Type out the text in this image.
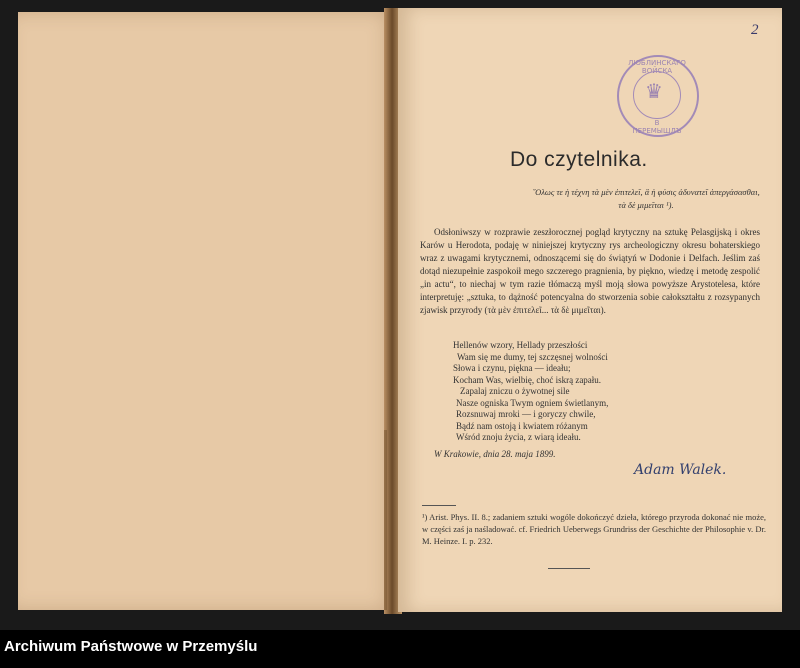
2
ЛЮБЛИНСКАГО ВОЙСКА
♛
В ПЕРЕМЫШЛЪ
Do czytelnika.
῞Ολως τε ἡ τέχνη τὰ μὲν ἐπιτελεῖ, ἃ ἡ φύσις ἀδυνατεῖ ἀπεργάσασθαι, τὰ δὲ μιμεῖται ¹).
Odsłoniwszy w rozprawie zeszłorocznej pogląd krytyczny na sztukę Pelasgijską i okres Karów u Herodota, podaję w niniejszej krytyczny rys archeologiczny okresu bohaterskiego wraz z uwagami krytycznemi, odnoszącemi się do świątyń w Dodonie i Delfach. Jeślim zaś dotąd niezupełnie zaspokoił mego szczerego pragnienia, by piękno, wiedzę i metodę zespolić „in actu“, to niechaj w tym razie tłómaczą myśl moją słowa powyższe Arystotelesa, które interpretuję: „sztuka, to dążność potencyalna do stworzenia sobie całokształtu z rozsypanych zjawisk przyrody (τὰ μὲν ἐπιτελεῖ... τὰ δὲ μιμεῖται).
Hellenów wzory, Hellady przeszłości
Wam się me dumy, tej szczęsnej wolności
Słowa i czynu, piękna — ideału;
Kocham Was, wielbię, choć iskrą zapału.
Zapalaj zniczu o żywotnej sile
Nasze ogniska Twym ogniem świetlanym,
Rozsnuwaj mroki — i goryczy chwile,
Bądź nam ostoją i kwiatem różanym
Wśród znoju życia, z wiarą ideału.
W Krakowie, dnia 28. maja 1899.
Adam Walek.
¹) Arist. Phys. II. 8.; zadaniem sztuki wogóle dokończyć dzieła, którego przyroda dokonać nie może, w części zaś ja naśladować. cf. Friedrich Ueberwegs Grundriss der Geschichte der Philosophie v. Dr. M. Heinze. I. p. 232.
Archiwum Państwowe w Przemyślu
